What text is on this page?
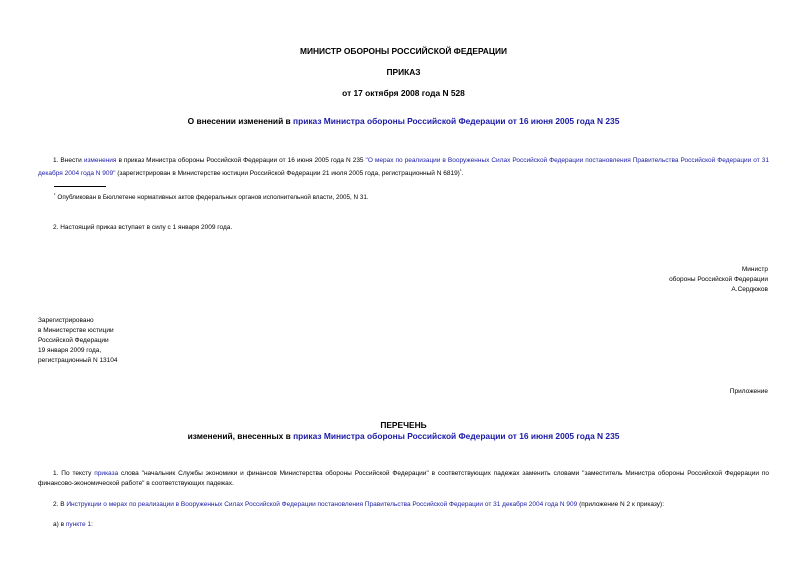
МИНИСТР ОБОРОНЫ РОССИЙСКОЙ ФЕДЕРАЦИИ
ПРИКАЗ
от 17 октября 2008 года N 528
О внесении изменений в приказ Министра обороны Российской Федерации от 16 июня 2005 года N 235
1. Внести изменения в приказ Министра обороны Российской Федерации от 16 июня 2005 года N 235 "О мерах по реализации в Вооруженных Силах Российской Федерации постановления Правительства Российской Федерации от 31 декабря 2004 года N 909" (зарегистрирован в Министерстве юстиции Российской Федерации 21 июля 2005 года, регистрационный N 6819)$^{^1}$.
$^{^1}$ Опубликован в Бюллетене нормативных актов федеральных органов исполнительной власти, 2005, N 31.
2. Настоящий приказ вступает в силу с 1 января 2009 года.
Министр
обороны Российской Федерации
А.Сердюков
Зарегистрировано
в Министерстве юстиции
Российской Федерации
19 января 2009 года,
регистрационный N 13104
Приложение
ПЕРЕЧЕНЬ
изменений, внесенных в приказ Министра обороны Российской Федерации от 16 июня 2005 года N 235
1. По тексту приказа слова "начальник Службы экономики и финансов Министерства обороны Российской Федерации" в соответствующих падежах заменить словами "заместитель Министра обороны Российской Федерации по финансово-экономической работе" в соответствующих падежах.
2. В Инструкции о мерах по реализации в Вооруженных Силах Российской Федерации постановления Правительства Российской Федерации от 31 декабря 2004 года N 909 (приложение N 2 к приказу):
а) в пункте 1:
